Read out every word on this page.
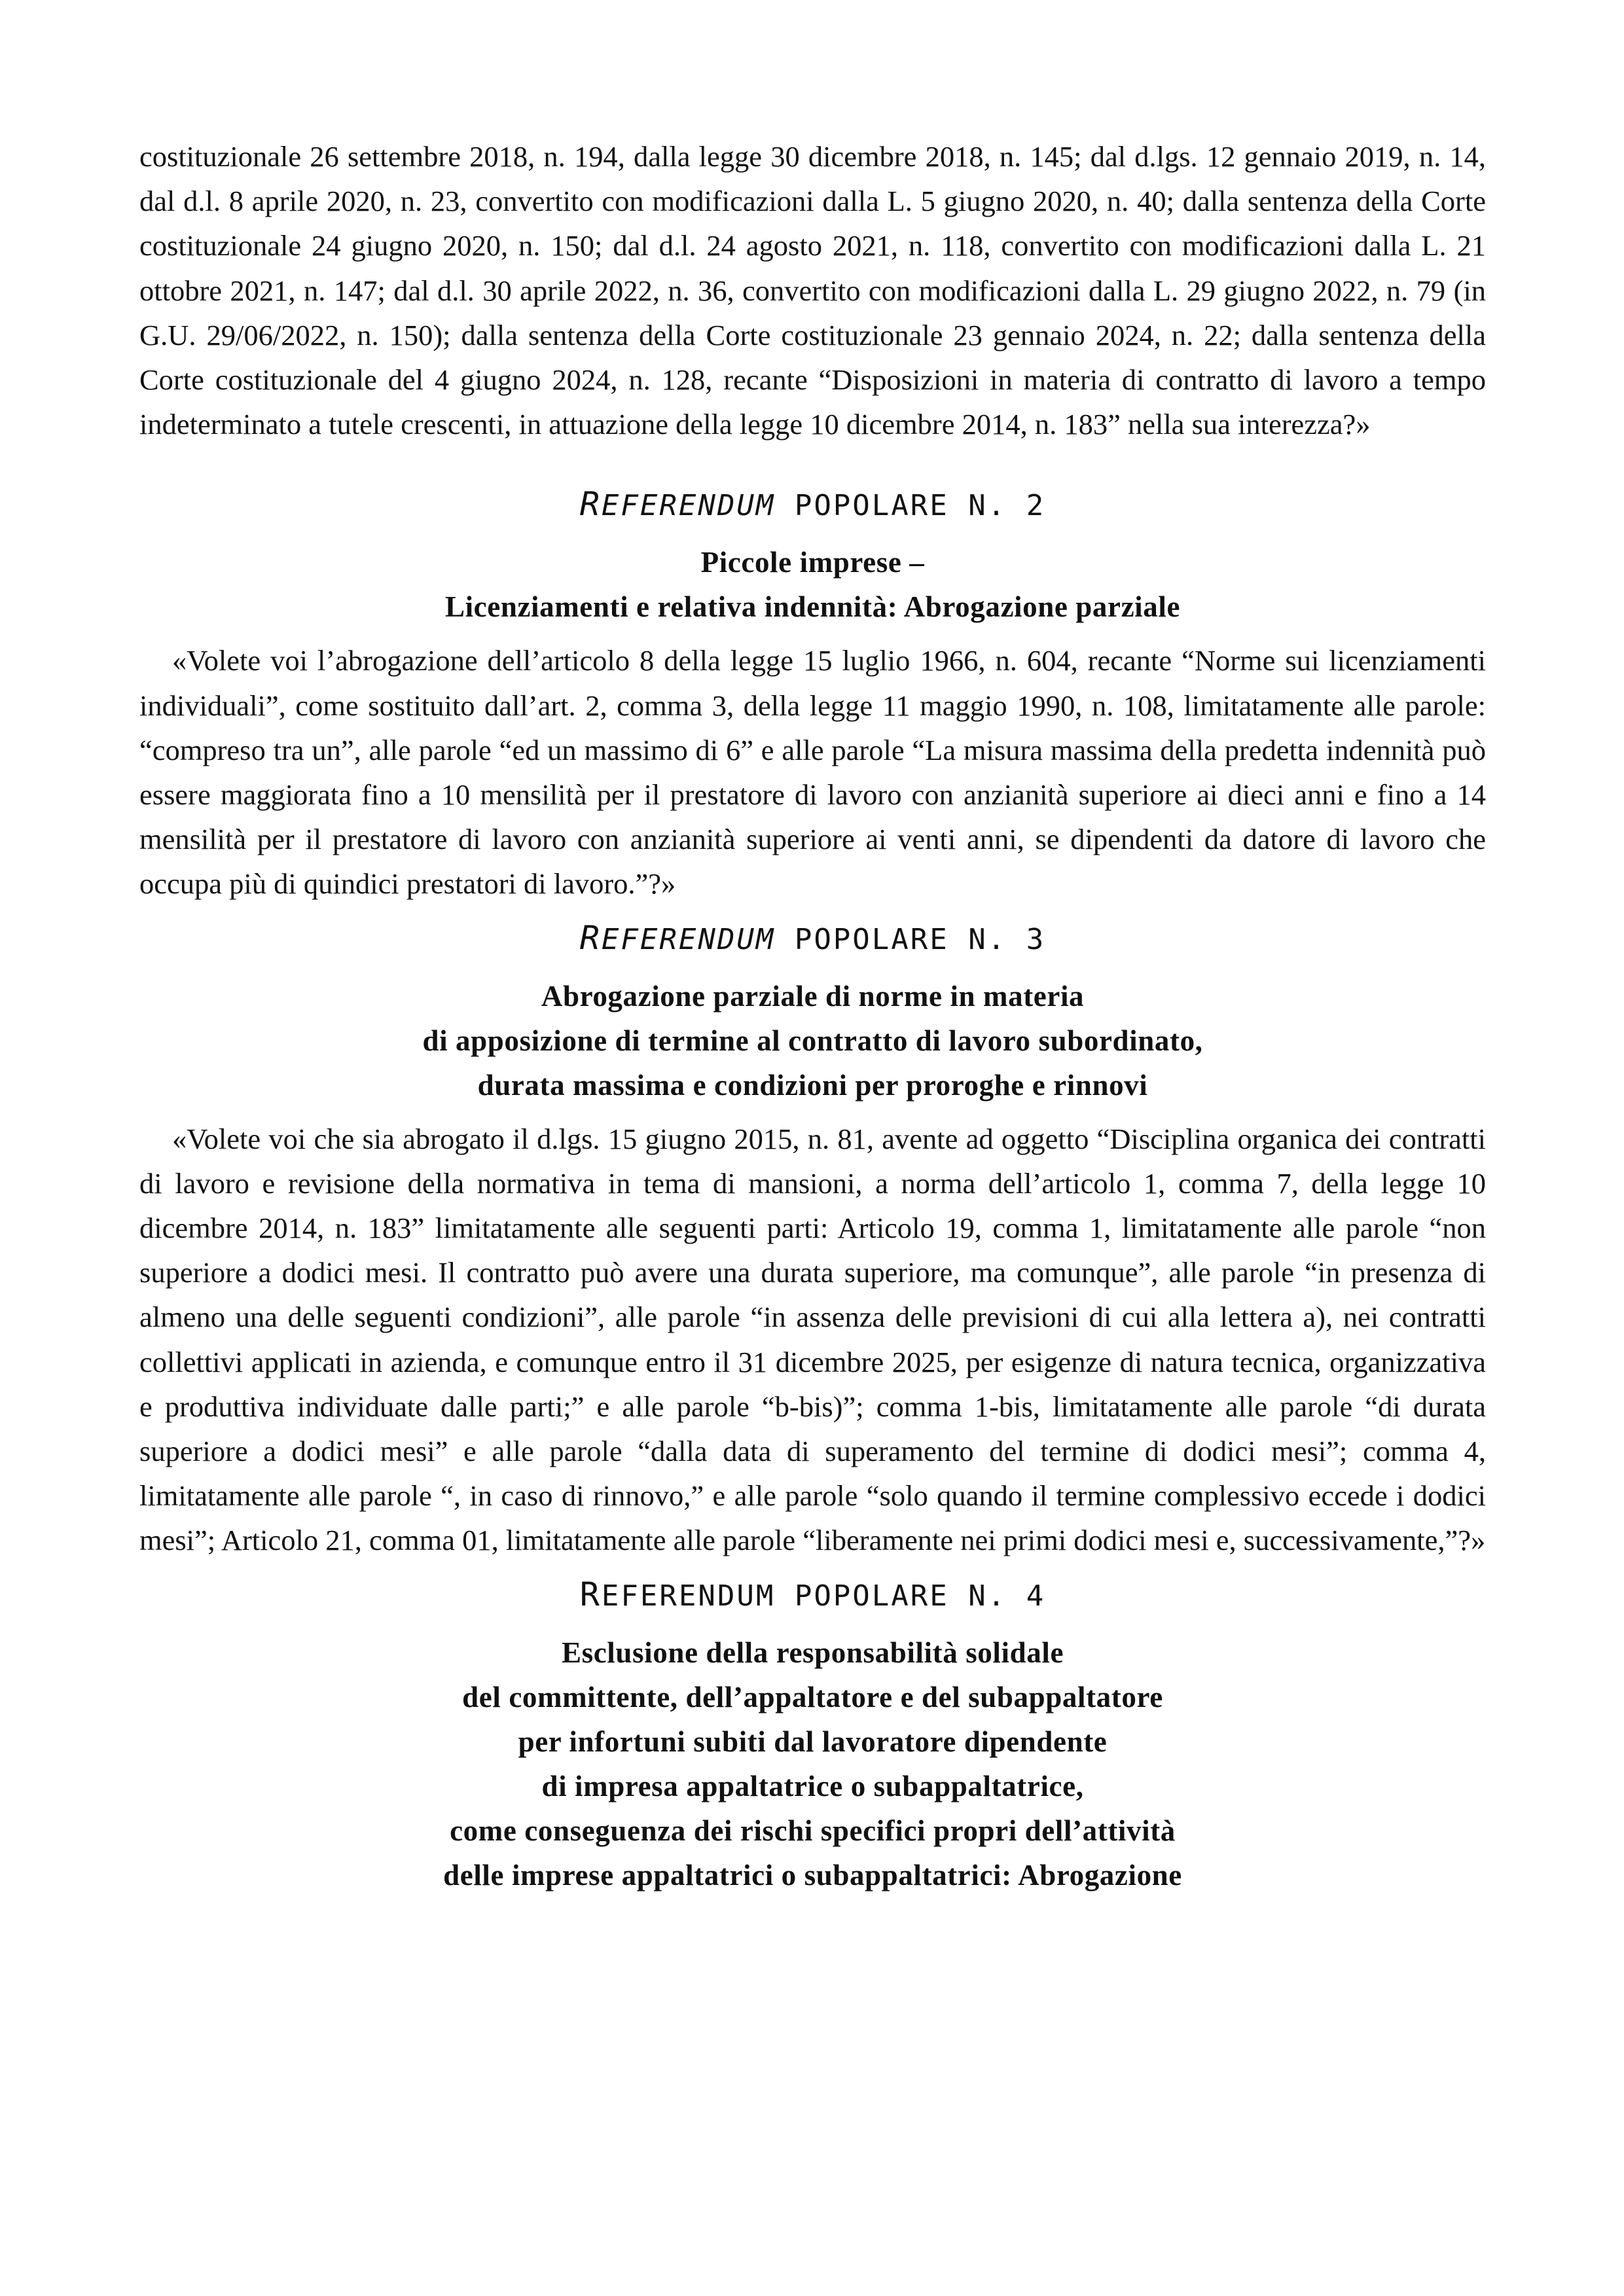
costituzionale 26 settembre 2018, n. 194, dalla legge 30 dicembre 2018, n. 145; dal d.lgs. 12 gennaio 2019, n. 14, dal d.l. 8 aprile 2020, n. 23, convertito con modificazioni dalla L. 5 giugno 2020, n. 40; dalla sentenza della Corte costituzionale 24 giugno 2020, n. 150; dal d.l. 24 agosto 2021, n. 118, convertito con modificazioni dalla L. 21 ottobre 2021, n. 147; dal d.l. 30 aprile 2022, n. 36, convertito con modificazioni dalla L. 29 giugno 2022, n. 79 (in G.U. 29/06/2022, n. 150); dalla sentenza della Corte costituzionale 23 gennaio 2024, n. 22; dalla sentenza della Corte costituzionale del 4 giugno 2024, n. 128, recante “Disposizioni in materia di contratto di lavoro a tempo indeterminato a tutele crescenti, in attuazione della legge 10 dicembre 2014, n. 183” nella sua interezza?»

REFERENDUM POPOLARE N. 2

Piccole imprese –

Licenziamenti e relativa indennità: Abrogazione parziale

«Volete voi l’abrogazione dell’articolo 8 della legge 15 luglio 1966, n. 604, recante “Norme sui licenziamenti individuali”, come sostituito dall’art. 2, comma 3, della legge 11 maggio 1990, n. 108, limitatamente alle parole: “compreso tra un”, alle parole “ed un massimo di 6” e alle parole “La misura massima della predetta indennità può essere maggiorata fino a 10 mensilità per il prestatore di lavoro con anzianità superiore ai dieci anni e fino a 14 mensilità per il prestatore di lavoro con anzianità superiore ai venti anni, se dipendenti da datore di lavoro che occupa più di quindici prestatori di lavoro.”?»

REFERENDUM POPOLARE N. 3

Abrogazione parziale di norme in materia

di apposizione di termine al contratto di lavoro subordinato,

durata massima e condizioni per proroghe e rinnovi

«Volete voi che sia abrogato il d.lgs. 15 giugno 2015, n. 81, avente ad oggetto “Disciplina organica dei contratti di lavoro e revisione della normativa in tema di mansioni, a norma dell’articolo 1, comma 7, della legge 10 dicembre 2014, n. 183” limitatamente alle seguenti parti: Articolo 19, comma 1, limitatamente alle parole “non superiore a dodici mesi. Il contratto può avere una durata superiore, ma comunque”, alle parole “in presenza di almeno una delle seguenti condizioni”, alle parole “in assenza delle previsioni di cui alla lettera a), nei contratti collettivi applicati in azienda, e comunque entro il 31 dicembre 2025, per esigenze di natura tecnica, organizzativa e produttiva individuate dalle parti;” e alle parole “b-bis)”; comma 1-bis, limitatamente alle parole “di durata superiore a dodici mesi” e alle parole “dalla data di superamento del termine di dodici mesi”; comma 4, limitatamente alle parole “, in caso di rinnovo,” e alle parole “solo quando il termine complessivo eccede i dodici mesi”; Articolo 21, comma 01, limitatamente alle parole “liberamente nei primi dodici mesi e, successivamente,”?»

REFERENDUM POPOLARE N. 4

Esclusione della responsabilità solidale

del committente, dell’appaltatore e del subappaltatore

per infortuni subiti dal lavoratore dipendente

di impresa appaltatrice o subappaltatrice,

come conseguenza dei rischi specifici propri dell’attività

delle imprese appaltatrici o subappaltatrici: Abrogazione
